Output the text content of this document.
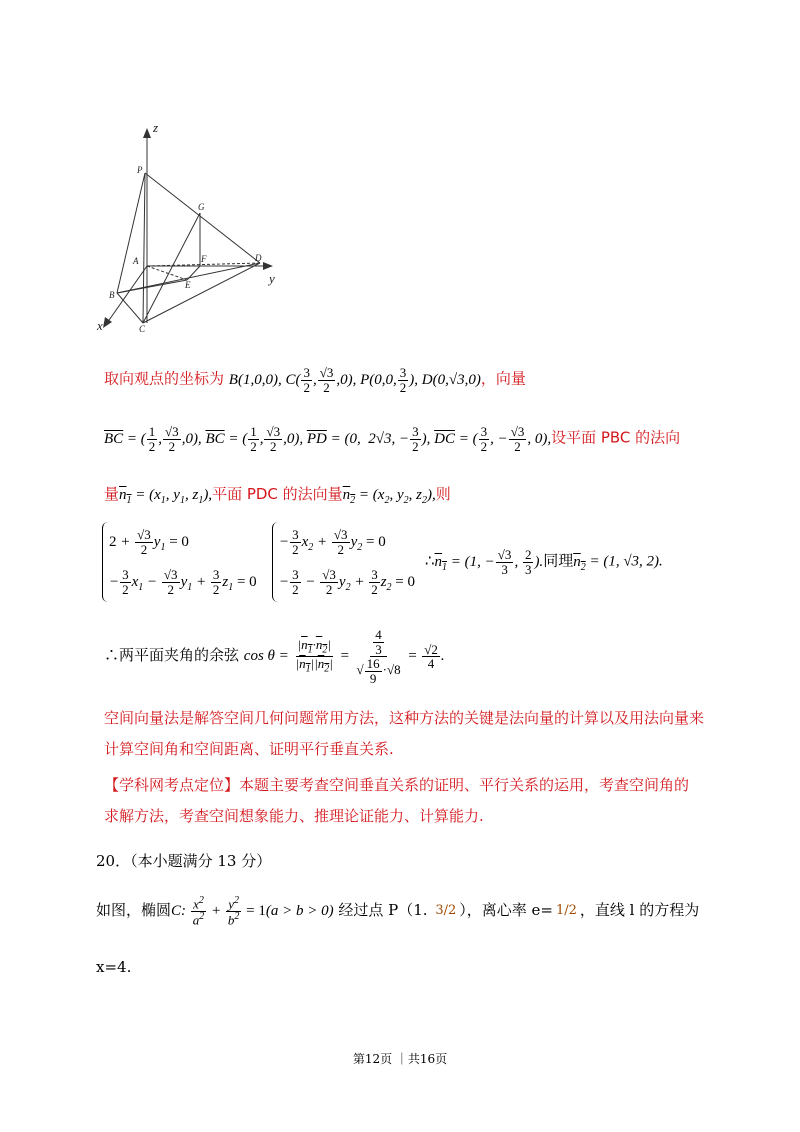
z
y
x
P
G
A	F	D
B
E
C
取向观点的坐标为 B(1,0,0), $C( \frac{3}{2}$ , $\frac{√3}{2} ,0$), P(0,0, $\frac{3}{2}$ ), D(0,√3,0)，向量
$\overline{BC}$ = ( $\frac{1}{2}$ , $\frac{√3}{2} ,0$), $\overline{BC}$ = ( $\frac{1}{2}$ , $\frac{√3}{2} ,0$), $\overline{PD} = (0$,  2√3, − $\frac{3}{2}$ ), $\overline{DC}$ = ( $\frac{3}{2}$ , − $\frac{√3}{2}$ , 0),设平面 PBC 的法向
量$n_1 = (x_1$, $y_1$, $z_1$),平面 PDC 的法向量$n_2 = (x_2$, $y_2$, $z_2$),则
$2 + \frac{√3}{2} y_1 = 0$
− $\frac{3}{2} x_1 - \frac{√3}{2} y_1 + \frac{3}{2} z_1 = 0$
− $\frac{3}{2} x_2 + \frac{√3}{2} y_2 = 0$
− $\frac{3}{2} - \frac{√3}{2} y_2 + \frac{3}{2} z_2 = 0$
$\therefore n_1 = (1$, − $\frac{√3}{3}$ , $\frac{2}{3}$ ).同理$n_2 = (1$, √3, 2).
∴两平面夹角的余弦 $\cos \theta = \frac{|n_1\cdot n_2|}{|n_1||n_2|} = \frac{\frac{4}{3}}{√ \frac{16}{9} \cdot√8} = \frac{√2}{4}$ .
空间向量法是解答空间几何问题常用方法，这种方法的关键是法向量的计算以及用法向量来计算空间角和空间距离、证明平行垂直关系.
【学科网考点定位】本题主要考查空间垂直关系的证明、平行关系的运用，考查空间角的求解方法，考查空间想象能力、推理论证能力、计算能力.
20．（本小题满分 13 分）
如图，椭圆C: $\frac{x^2}{a^2} + \frac{y^2}{b^2} = 1(a > b > 0)$ 经过点 P（1. 3/2 ），离心率 e= 1/2 ，直线 l 的方程为
x=4.
第12页 ｜共16页
